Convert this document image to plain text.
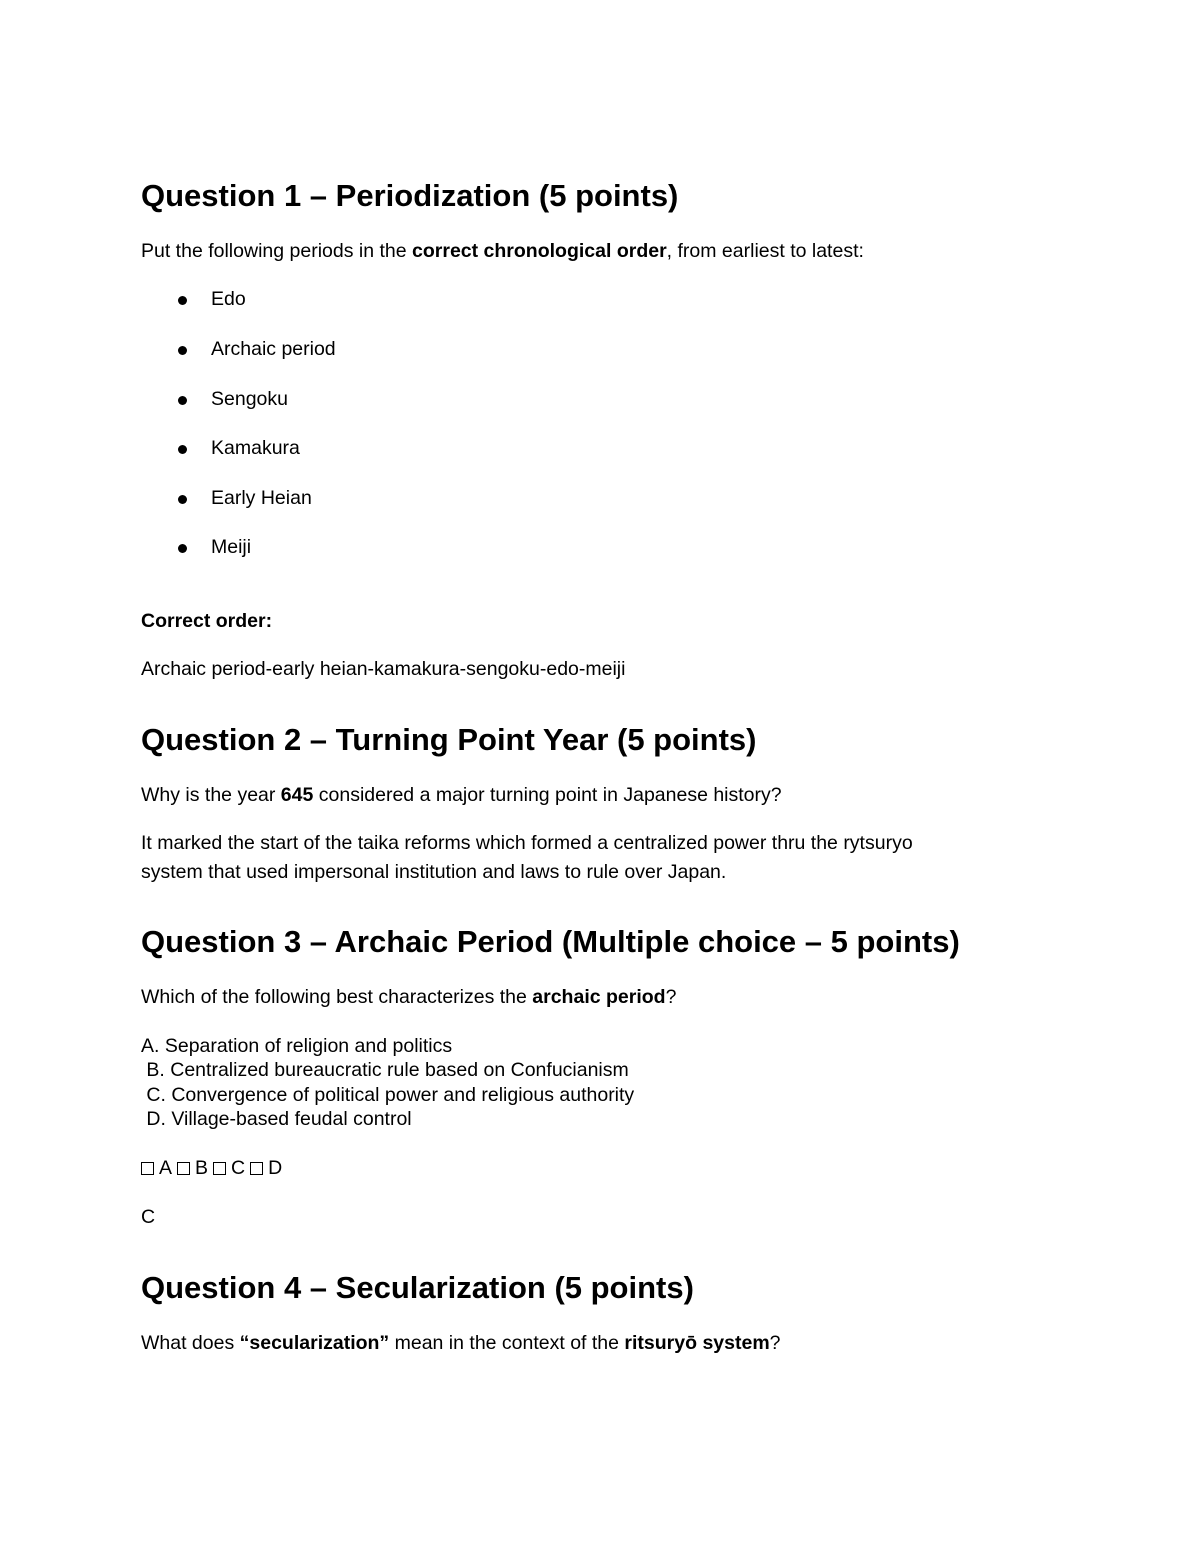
Question 1 – Periodization (5 points)

Put the following periods in the correct chronological order, from earliest to latest:

Edo
Archaic period
Sengoku
Kamakura
Early Heian
Meiji

Correct order:

Archaic period-early heian-kamakura-sengoku-edo-meiji

Question 2 – Turning Point Year (5 points)

Why is the year 645 considered a major turning point in Japanese history?

It marked the start of the taika reforms which formed a centralized power thru the rytsuryo

system that used impersonal institution and laws to rule over Japan.

Question 3 – Archaic Period (Multiple choice – 5 points)

Which of the following best characterizes the archaic period?

A. Separation of religion and politics

B. Centralized bureaucratic rule based on Confucianism

C. Convergence of political power and religious authority

D. Village-based feudal control

A B C D

C

Question 4 – Secularization (5 points)

What does “secularization” mean in the context of the ritsuryō system?
